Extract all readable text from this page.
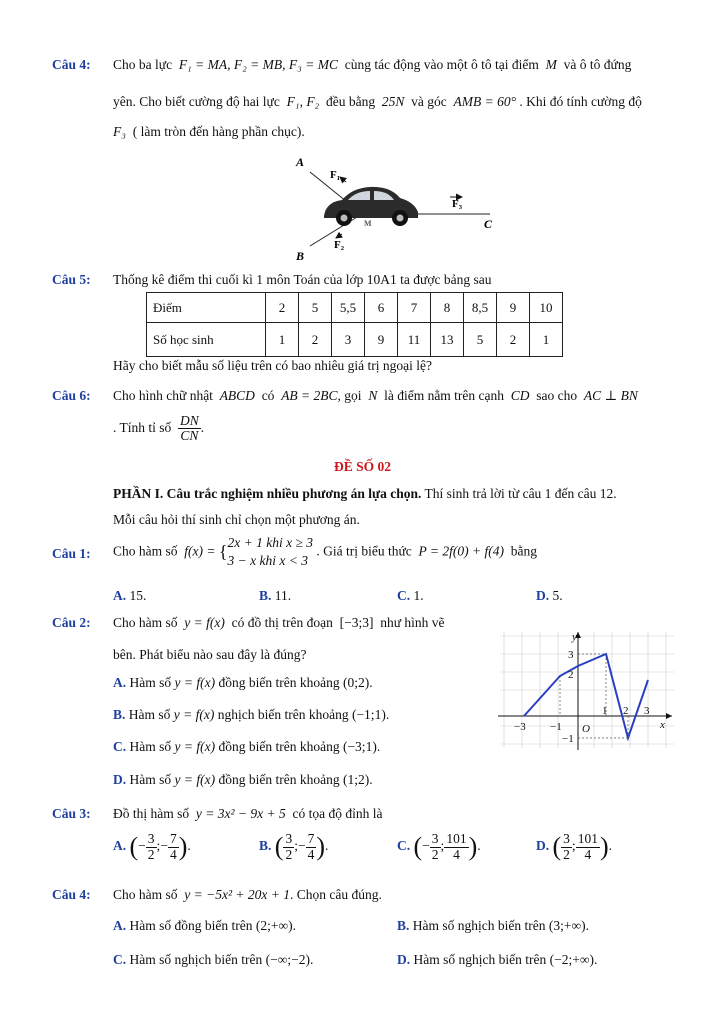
Câu 4: Cho ba lực F₁ = MA, F₂ = MB, F₃ = MC cùng tác động vào một ô tô tại điểm M và ô tô đứng
yên. Cho biết cường độ hai lực F₁, F₂ đều bằng 25N và góc AMB = 60° . Khi đó tính cường độ
F₃ ( làm tròn đến hàng phần chục).
A
F₁
F₃
C
M
F₂
B
Câu 5: Thống kê điểm thi cuối kì 1 môn Toán của lớp 10A1 ta được bảng sau
Điểm	2	5	5,5	6	7	8	8,5	9	10
Số học sinh	1	2	3	9	11	13	5	2	1
Hãy cho biết mẫu số liệu trên có bao nhiêu giá trị ngoại lệ?
Câu 6: Cho hình chữ nhật ABCD có AB = 2BC, gọi N là điểm nằm trên cạnh CD sao cho AC ⊥ BN
. Tính tỉ số $\frac{DN}{CN}$ .
ĐỀ SỐ 02
PHẦN I. Câu trắc nghiệm nhiều phương án lựa chọn. Thí sinh trả lời từ câu 1 đến câu 12.
Mỗi câu hỏi thí sinh chỉ chọn một phương án.
Câu 1: Cho hàm số f(x) = { 2x + 1 khi x ≥ 3
3 − x khi x < 3
. Giá trị biểu thức P = 2f(0) + f(4) bằng
A. 15.	B. 11.	C. 1.	D. 5.
Câu 2: Cho hàm số y = f(x) có đồ thị trên đoạn [−3;3] như hình vẽ
bên. Phát biểu nào sau đây là đúng?
A. Hàm số y = f(x) đồng biến trên khoảng (0;2).
B. Hàm số y = f(x) nghịch biến trên khoảng (−1;1).
C. Hàm số y = f(x) đồng biến trên khoảng (−3;1).
D. Hàm số y = f(x) đồng biến trên khoảng (1;2).
y
x
O
−3 −1
1 2 3
3
2
−1
Câu 3: Đồ thị hàm số y = 3x² − 9x + 5 có tọa độ đỉnh là
A. (− $\frac{3}{2}$ ;− $\frac{7}{4}$ ).	B. ( $\frac{3}{2}$ ;− $\frac{7}{4}$ ).	C. (− $\frac{3}{2}$ ; $\frac{101}{4}$ ).	D. ( $\frac{3}{2}$ ; $\frac{101}{4}$ ).
Câu 4: Cho hàm số y = −5x² + 20x + 1. Chọn câu đúng.
A. Hàm số đồng biến trên (2;+∞).	B. Hàm số nghịch biến trên (3;+∞).
C. Hàm số nghịch biến trên (−∞;−2).	D. Hàm số nghịch biến trên (−2;+∞).
